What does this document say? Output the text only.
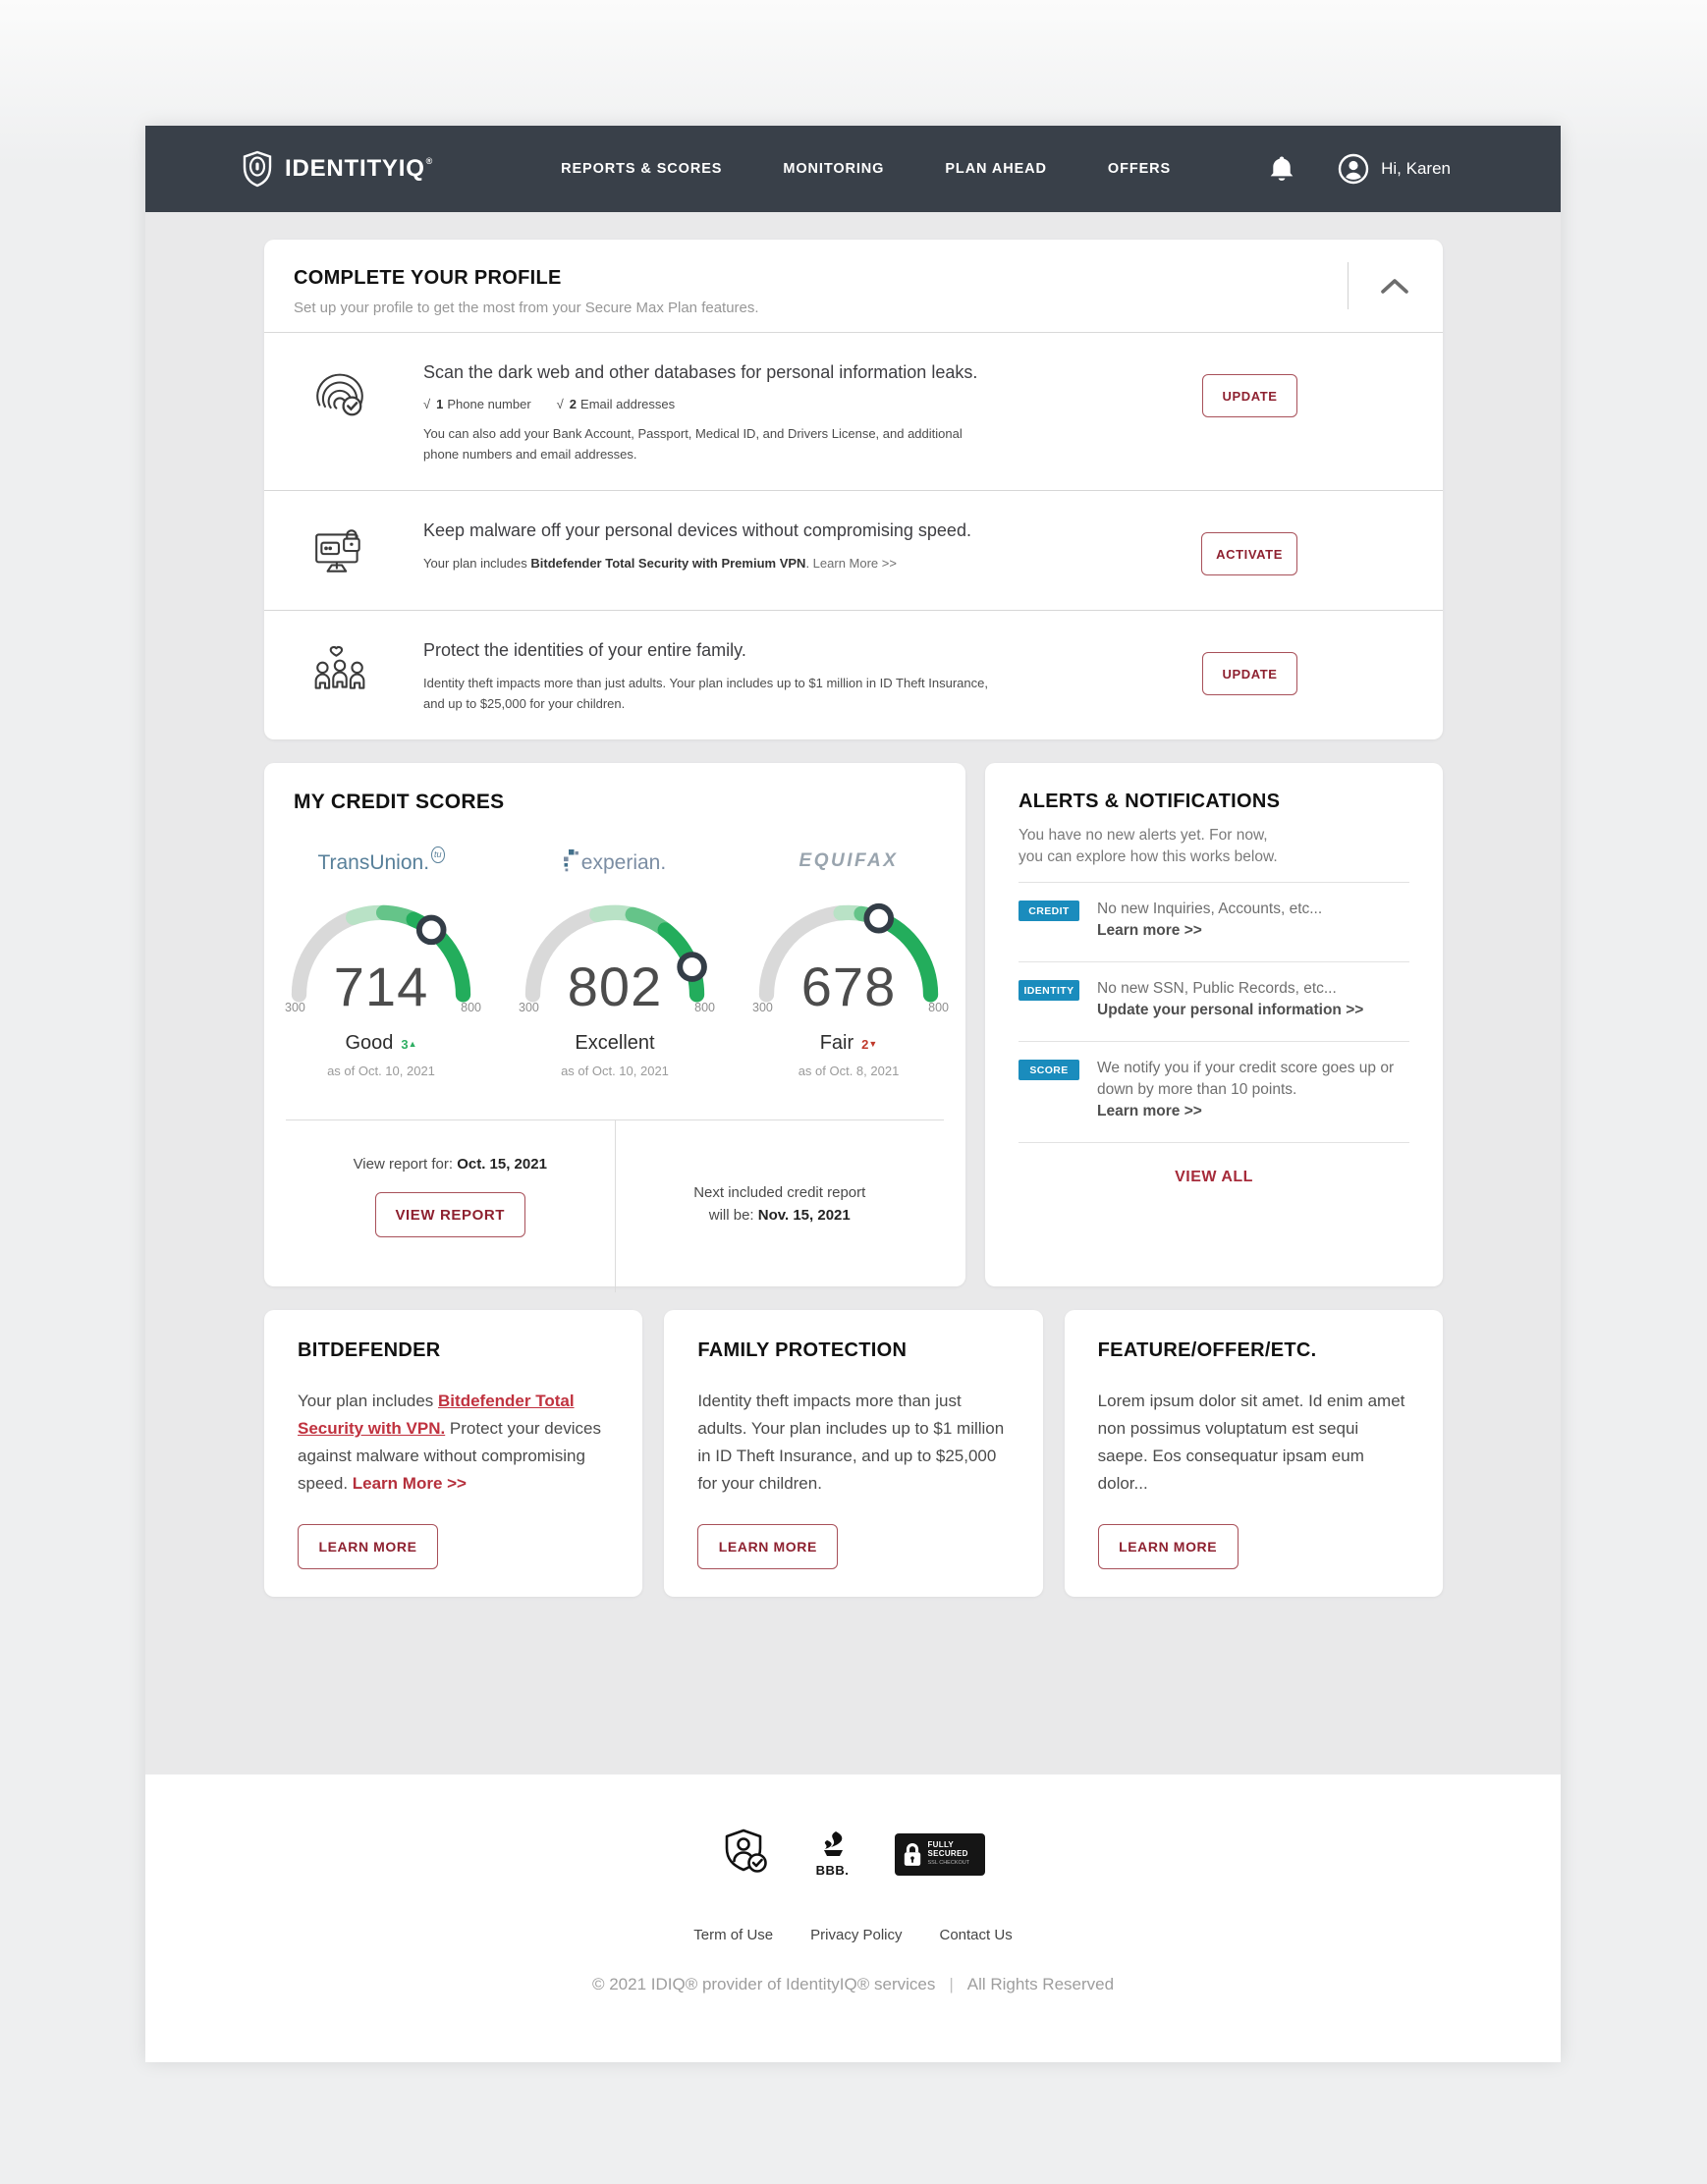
IDENTITYIQ®	REPORTS & SCORES	MONITORING	PLAN AHEAD	OFFERS	Hi, Karen
COMPLETE YOUR PROFILE
Set up your profile to get the most from your Secure Max Plan features.
Scan the dark web and other databases for personal information leaks.
√ 1 Phone number √ 2 Email addresses
You can also add your Bank Account, Passport, Medical ID, and Drivers License, and additional phone numbers and email addresses.
UPDATE
Keep malware off your personal devices without compromising speed.
Your plan includes Bitdefender Total Security with Premium VPN. Learn More >>
ACTIVATE
Protect the identities of your entire family.
Identity theft impacts more than just adults. Your plan includes up to $1 million in ID Theft Insurance, and up to $25,000 for your children.
UPDATE
MY CREDIT SCORES
TransUnion. tu
714
300	800
Good 3▲
as of Oct. 10, 2021
experian.
802
300	800
Excellent
as of Oct. 10, 2021
EQUIFAX
678
300	800
Fair 2▼
as of Oct. 8, 2021
View report for: Oct. 15, 2021
VIEW REPORT
Next included credit report
will be: Nov. 15, 2021
ALERTS & NOTIFICATIONS
You have no new alerts yet. For now,
you can explore how this works below.
CREDIT	No new Inquiries, Accounts, etc...
Learn more >>
IDENTITY	No new SSN, Public Records, etc...
Update your personal information >>
SCORE	We notify you if your credit score goes up or down by more than 10 points.
Learn more >>
VIEW ALL
BITDEFENDER
Your plan includes Bitdefender Total Security with VPN. Protect your devices against malware without compromising speed. Learn More >>
LEARN MORE
FAMILY PROTECTION
Identity theft impacts more than just adults. Your plan includes up to $1 million in ID Theft Insurance, and up to $25,000 for your children.
LEARN MORE
FEATURE/OFFER/ETC.
Lorem ipsum dolor sit amet. Id enim amet non possimus voluptatum est sequi saepe. Eos consequatur ipsam eum dolor...
LEARN MORE
BBB.
FULLY
SECURED
SSL CHECKOUT
Term of Use	Privacy Policy	Contact Us
© 2021 IDIQ® provider of IdentityIQ® services | All Rights Reserved
